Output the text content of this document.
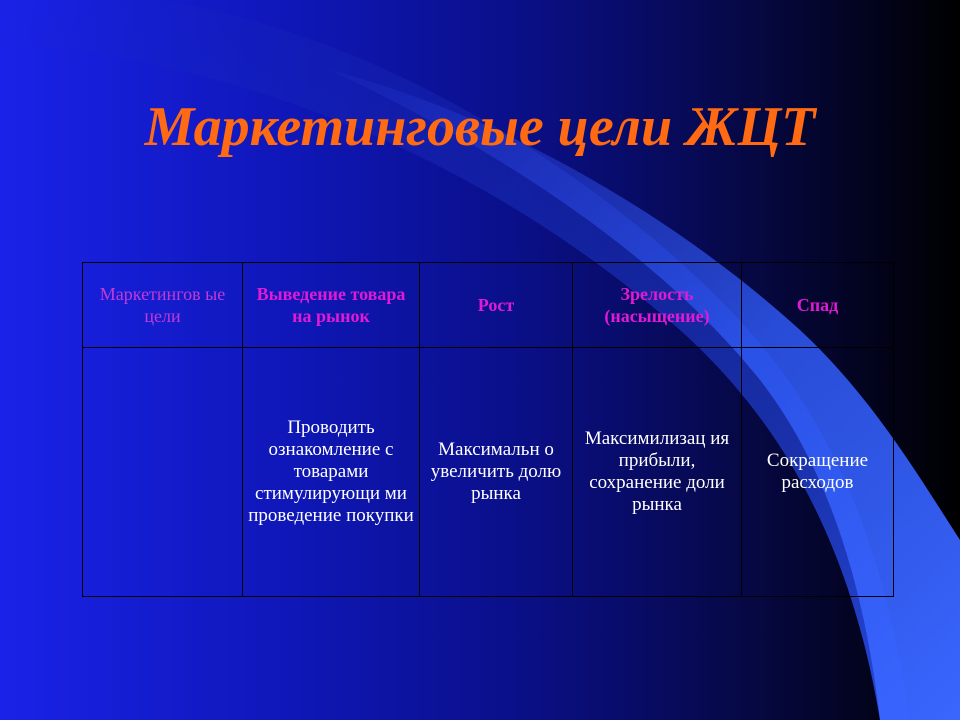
Маркетинговые цели ЖЦТ
Маркетингов ые цели	Выведение товара на рынок	Рост	Зрелость (насыщение)	Спад
	Проводить ознакомление с товарами стимулирующи ми проведение покупки	Максимальн о увеличить долю рынка	Максимилизац ия прибыли, сохранение доли рынка	Сокращение расходов
